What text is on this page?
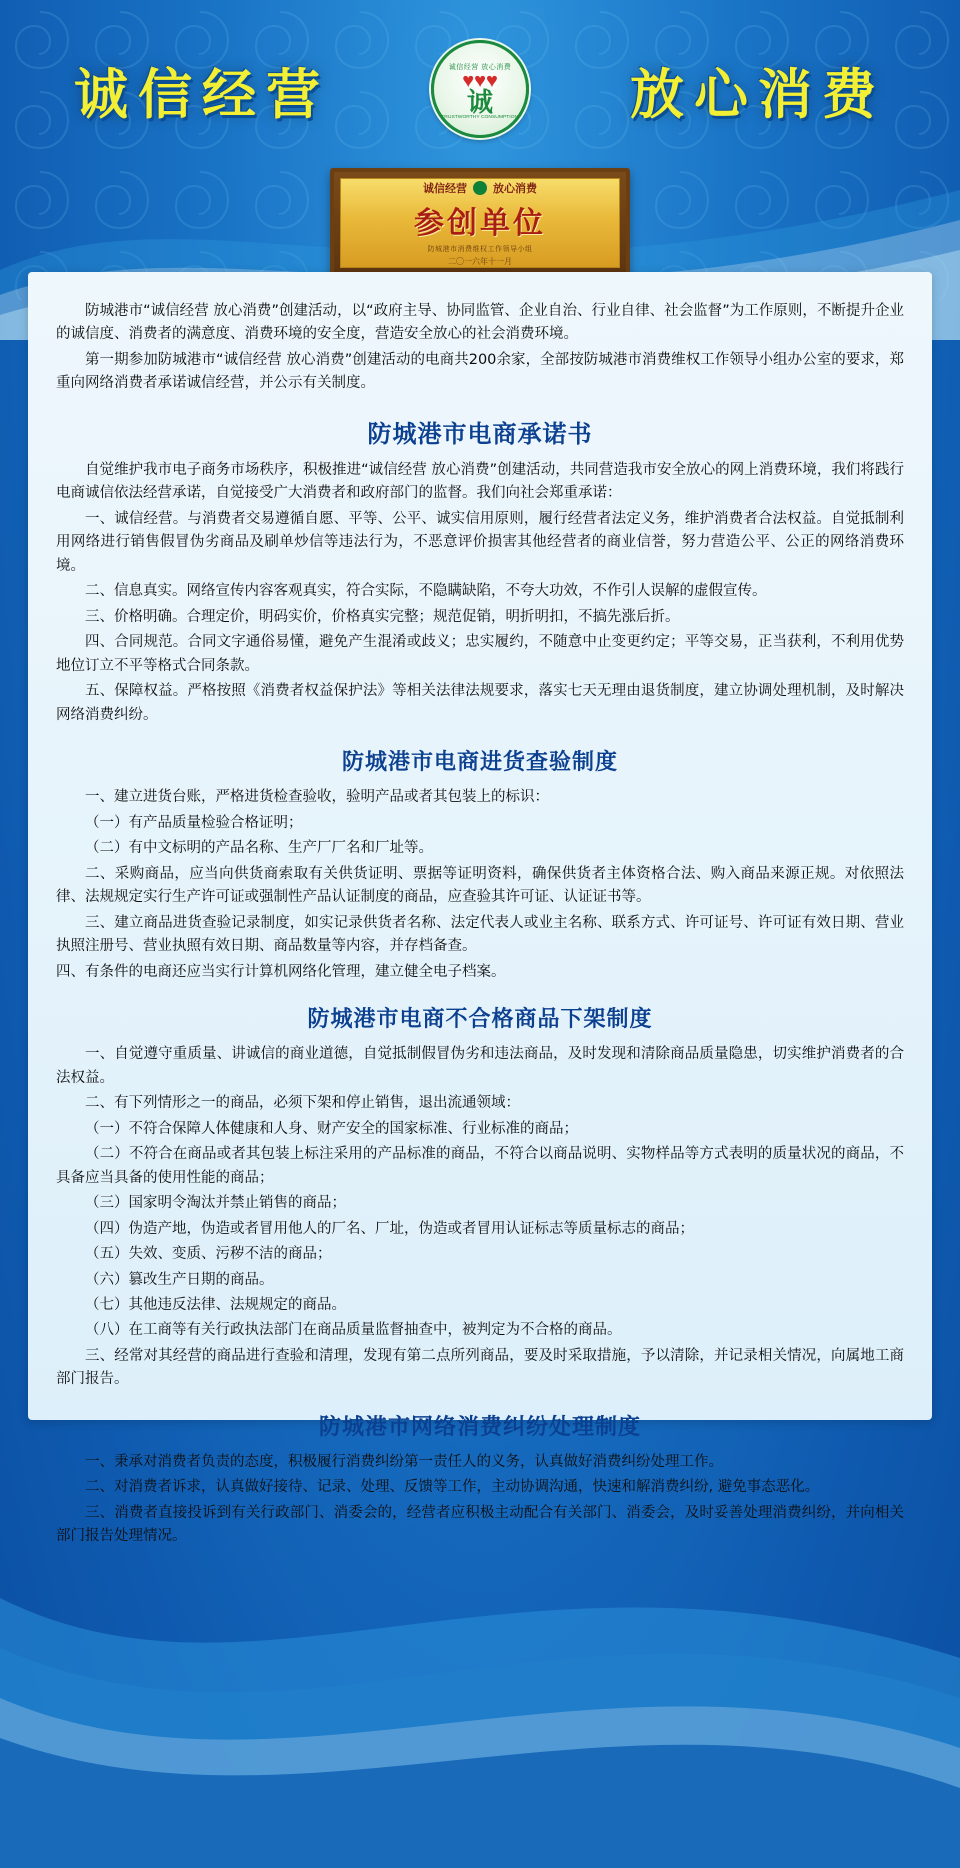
诚信经营	放心消费
诚信经营 放心消费
♥♥♥
诚
TRUSTWORTHY CONSUMPTION
诚信经营 放心消费
参创单位
防城港市消费维权工作领导小组
二〇一六年十一月

防城港市“诚信经营 放心消费”创建活动，以“政府主导、协同监管、企业自治、行业自律、社会监督”为工作原则，不断提升企业的诚信度、消费者的满意度、消费环境的安全度，营造安全放心的社会消费环境。

第一期参加防城港市“诚信经营 放心消费”创建活动的电商共200余家，全部按防城港市消费维权工作领导小组办公室的要求，郑重向网络消费者承诺诚信经营，并公示有关制度。

防城港市电商承诺书

自觉维护我市电子商务市场秩序，积极推进“诚信经营 放心消费”创建活动，共同营造我市安全放心的网上消费环境，我们将践行电商诚信依法经营承诺，自觉接受广大消费者和政府部门的监督。我们向社会郑重承诺：

一、诚信经营。与消费者交易遵循自愿、平等、公平、诚实信用原则，履行经营者法定义务，维护消费者合法权益。自觉抵制利用网络进行销售假冒伪劣商品及刷单炒信等违法行为，不恶意评价损害其他经营者的商业信誉，努力营造公平、公正的网络消费环境。

二、信息真实。网络宣传内容客观真实，符合实际，不隐瞒缺陷，不夸大功效，不作引人误解的虚假宣传。

三、价格明确。合理定价，明码实价，价格真实完整；规范促销，明折明扣，不搞先涨后折。

四、合同规范。合同文字通俗易懂，避免产生混淆或歧义；忠实履约，不随意中止变更约定；平等交易，正当获利，不利用优势地位订立不平等格式合同条款。

五、保障权益。严格按照《消费者权益保护法》等相关法律法规要求，落实七天无理由退货制度，建立协调处理机制，及时解决网络消费纠纷。

防城港市电商进货查验制度

一、建立进货台账，严格进货检查验收，验明产品或者其包装上的标识：

（一）有产品质量检验合格证明；

（二）有中文标明的产品名称、生产厂厂名和厂址等。

二、采购商品，应当向供货商索取有关供货证明、票据等证明资料，确保供货者主体资格合法、购入商品来源正规。对依照法律、法规规定实行生产许可证或强制性产品认证制度的商品，应查验其许可证、认证证书等。

三、建立商品进货查验记录制度，如实记录供货者名称、法定代表人或业主名称、联系方式、许可证号、许可证有效日期、营业执照注册号、营业执照有效日期、商品数量等内容，并存档备查。

四、有条件的电商还应当实行计算机网络化管理，建立健全电子档案。

防城港市电商不合格商品下架制度

一、自觉遵守重质量、讲诚信的商业道德，自觉抵制假冒伪劣和违法商品，及时发现和清除商品质量隐患，切实维护消费者的合法权益。

二、有下列情形之一的商品，必须下架和停止销售，退出流通领域：

（一）不符合保障人体健康和人身、财产安全的国家标准、行业标准的商品；

（二）不符合在商品或者其包装上标注采用的产品标准的商品，不符合以商品说明、实物样品等方式表明的质量状况的商品，不具备应当具备的使用性能的商品；

（三）国家明令淘汰并禁止销售的商品；

（四）伪造产地，伪造或者冒用他人的厂名、厂址，伪造或者冒用认证标志等质量标志的商品；

（五）失效、变质、污秽不洁的商品；

（六）篡改生产日期的商品。

（七）其他违反法律、法规规定的商品。

（八）在工商等有关行政执法部门在商品质量监督抽查中，被判定为不合格的商品。

三、经常对其经营的商品进行查验和清理，发现有第二点所列商品，要及时采取措施，予以清除，并记录相关情况，向属地工商部门报告。

防城港市网络消费纠纷处理制度

一、秉承对消费者负责的态度，积极履行消费纠纷第一责任人的义务，认真做好消费纠纷处理工作。

二、对消费者诉求，认真做好接待、记录、处理、反馈等工作，主动协调沟通，快速和解消费纠纷, 避免事态恶化。

三、消费者直接投诉到有关行政部门、消委会的，经营者应积极主动配合有关部门、消委会，及时妥善处理消费纠纷，并向相关部门报告处理情况。
